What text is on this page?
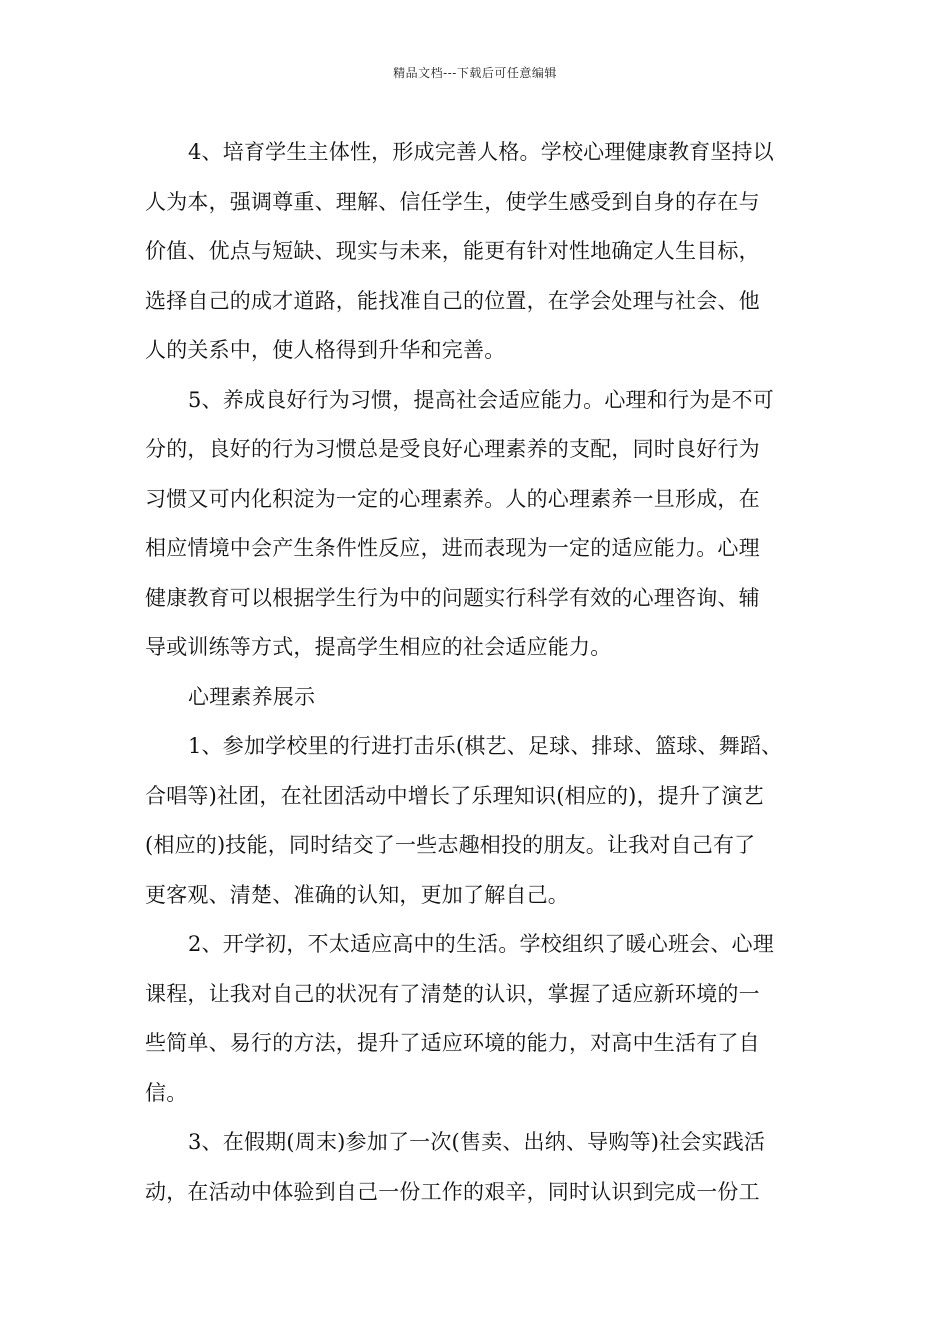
精品文档---下载后可任意编辑
4、培育学生主体性，形成完善人格。学校心理健康教育坚持以
人为本，强调尊重、理解、信任学生，使学生感受到自身的存在与
价值、优点与短缺、现实与未来，能更有针对性地确定人生目标，
选择自己的成才道路，能找准自己的位置，在学会处理与社会、他
人的关系中，使人格得到升华和完善。
5、养成良好行为习惯，提高社会适应能力。心理和行为是不可
分的，良好的行为习惯总是受良好心理素养的支配，同时良好行为
习惯又可内化积淀为一定的心理素养。人的心理素养一旦形成，在
相应情境中会产生条件性反应，进而表现为一定的适应能力。心理
健康教育可以根据学生行为中的问题实行科学有效的心理咨询、辅
导或训练等方式，提高学生相应的社会适应能力。
心理素养展示
1、参加学校里的行进打击乐(棋艺、足球、排球、篮球、舞蹈、
合唱等)社团，在社团活动中增长了乐理知识(相应的)，提升了演艺
(相应的)技能，同时结交了一些志趣相投的朋友。让我对自己有了
更客观、清楚、准确的认知，更加了解自己。
2、开学初，不太适应高中的生活。学校组织了暖心班会、心理
课程，让我对自己的状况有了清楚的认识，掌握了适应新环境的一
些简单、易行的方法，提升了适应环境的能力，对高中生活有了自
信。
3、在假期(周末)参加了一次(售卖、出纳、导购等)社会实践活
动，在活动中体验到自己一份工作的艰辛，同时认识到完成一份工
